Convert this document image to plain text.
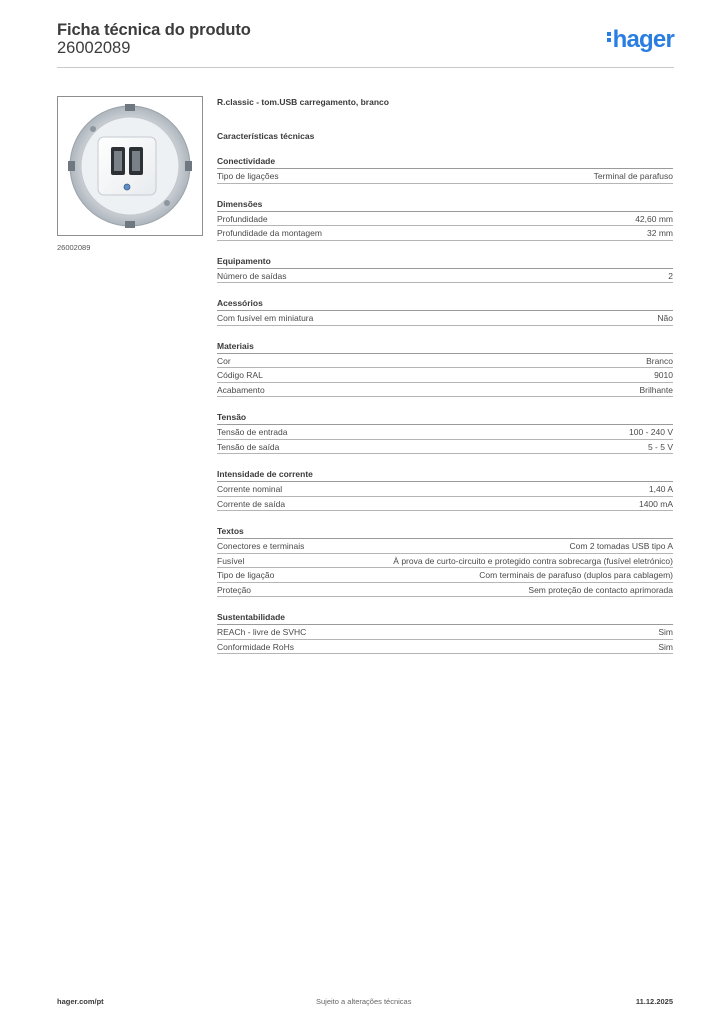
Ficha técnica do produto
26002089	hager
26002089
R.classic - tom.USB carregamento, branco
Características técnicas
Conectividade
Tipo de ligações	Terminal de parafuso
Dimensões
Profundidade	42,60 mm
Profundidade da montagem	32 mm
Equipamento
Número de saídas	2
Acessórios
Com fusível em miniatura	Não
Materiais
Cor	Branco
Código RAL	9010
Acabamento	Brilhante
Tensão
Tensão de entrada	100 - 240 V
Tensão de saída	5 - 5 V
Intensidade de corrente
Corrente nominal	1,40 A
Corrente de saída	1400 mA
Textos
Conectores e terminais	Com 2 tomadas USB tipo A
Fusível	À prova de curto-circuito e protegido contra sobrecarga (fusível eletrónico)
Tipo de ligação	Com terminais de parafuso (duplos para cablagem)
Proteção	Sem proteção de contacto aprimorada
Sustentabilidade
REACh - livre de SVHC	Sim
Conformidade RoHs	Sim
hager.com/pt	Sujeito a alterações técnicas	11.12.2025
